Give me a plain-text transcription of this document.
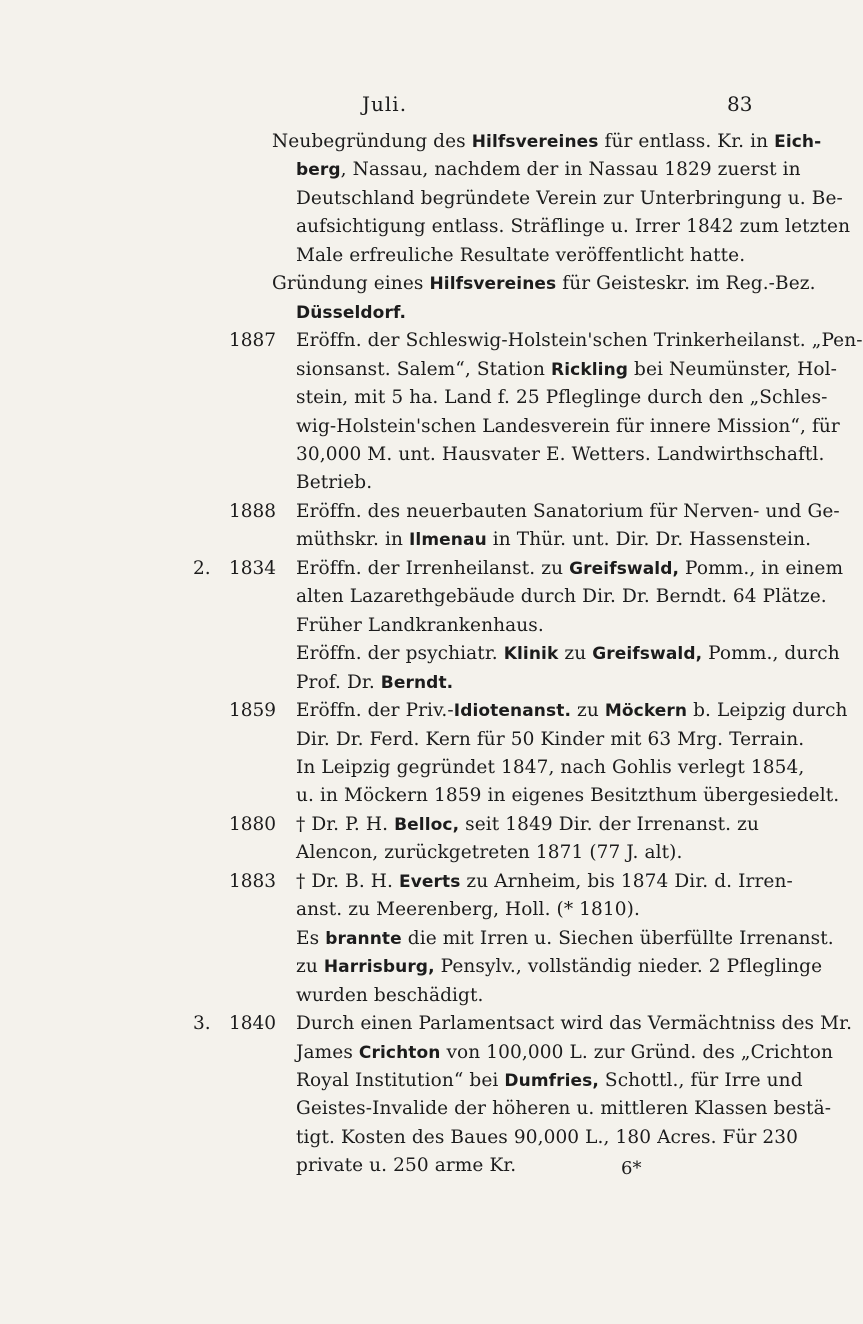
Juli.	83
Neubegründung des Hilfsvereines für entlass. Kr. in Eich-
berg, Nassau, nachdem der in Nassau 1829 zuerst in
Deutschland begründete Verein zur Unterbringung u. Be-
aufsichtigung entlass. Sträflinge u. Irrer 1842 zum letzten
Male erfreuliche Resultate veröffentlicht hatte.
Gründung eines Hilfsvereines für Geisteskr. im Reg.-Bez.
Düsseldorf.
1887 Eröffn. der Schleswig-Holstein'schen Trinkerheilanst. „Pen-
sionsanst. Salem“, Station Rickling bei Neumünster, Hol-
stein, mit 5 ha. Land f. 25 Pfleglinge durch den „Schles-
wig-Holstein'schen Landesverein für innere Mission“, für
30,000 M. unt. Hausvater E. Wetters. Landwirthschaftl.
Betrieb.
1888 Eröffn. des neuerbauten Sanatorium für Nerven- und Ge-
müthskr. in Ilmenau in Thür. unt. Dir. Dr. Hassenstein.
2. 1834 Eröffn. der Irrenheilanst. zu Greifswald, Pomm., in einem
alten Lazarethgebäude durch Dir. Dr. Berndt. 64 Plätze.
Früher Landkrankenhaus.
Eröffn. der psychiatr. Klinik zu Greifswald, Pomm., durch
Prof. Dr. Berndt.
1859 Eröffn. der Priv.-Idiotenanst. zu Möckern b. Leipzig durch
Dir. Dr. Ferd. Kern für 50 Kinder mit 63 Mrg. Terrain.
In Leipzig gegründet 1847, nach Gohlis verlegt 1854,
u. in Möckern 1859 in eigenes Besitzthum übergesiedelt.
1880 † Dr. P. H. Belloc, seit 1849 Dir. der Irrenanst. zu
Alencon, zurückgetreten 1871 (77 J. alt).
1883 † Dr. B. H. Everts zu Arnheim, bis 1874 Dir. d. Irren-
anst. zu Meerenberg, Holl. (* 1810).
Es brannte die mit Irren u. Siechen überfüllte Irrenanst.
zu Harrisburg, Pensylv., vollständig nieder. 2 Pfleglinge
wurden beschädigt.
3. 1840 Durch einen Parlamentsact wird das Vermächtniss des Mr.
James Crichton von 100,000 L. zur Gründ. des „Crichton
Royal Institution“ bei Dumfries, Schottl., für Irre und
Geistes-Invalide der höheren u. mittleren Klassen bestä-
tigt. Kosten des Baues 90,000 L., 180 Acres. Für 230
private u. 250 arme Kr.	6*
